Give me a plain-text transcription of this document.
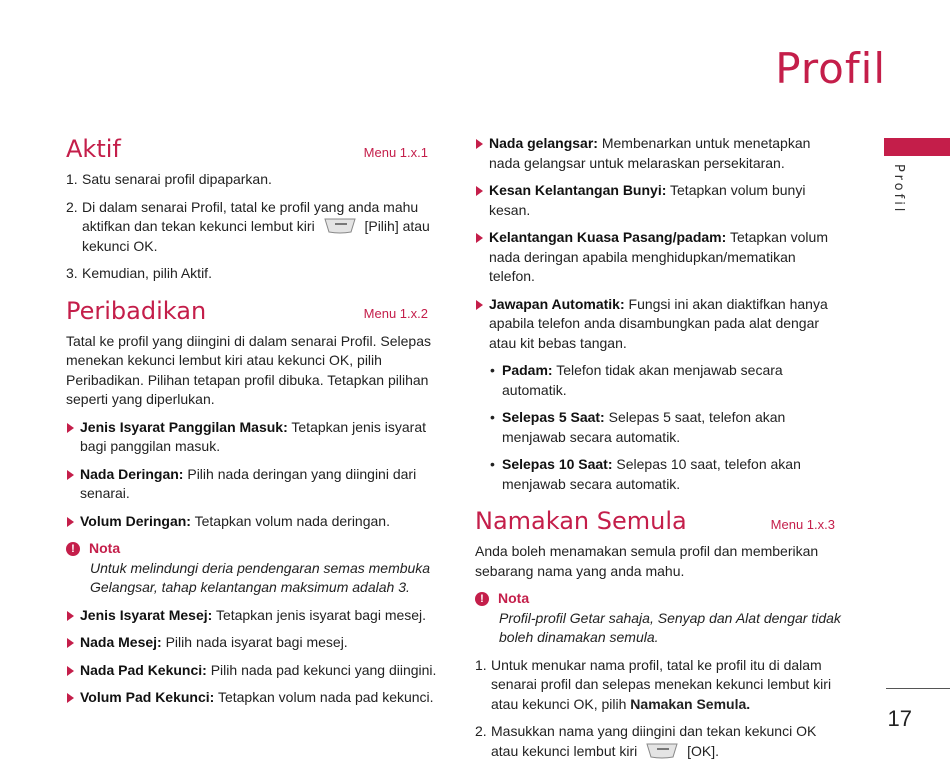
Profil
Profil
17
Aktif	Menu 1.x.1
1. Satu senarai profil dipaparkan.
2. Di dalam senarai Profil, tatal ke profil yang anda mahu aktifkan dan tekan kekunci lembut kiri	[Pilih] atau kekunci OK.
3. Kemudian, pilih Aktif.
Peribadikan	Menu 1.x.2
Tatal ke profil yang diingini di dalam senarai Profil. Selepas menekan kekunci lembut kiri atau kekunci OK, pilih Peribadikan. Pilihan tetapan profil dibuka. Tetapkan pilihan seperti yang diperlukan.
Jenis Isyarat Panggilan Masuk: Tetapkan jenis isyarat bagi panggilan masuk.
Nada Deringan: Pilih nada deringan yang diingini dari senarai.
Volum Deringan: Tetapkan volum nada deringan.
!	Nota
Untuk melindungi deria pendengaran semas membuka Gelangsar, tahap kelantangan maksimum adalah 3.
Jenis Isyarat Mesej: Tetapkan jenis isyarat bagi mesej.
Nada Mesej: Pilih nada isyarat bagi mesej.
Nada Pad Kekunci: Pilih nada pad kekunci yang diingini.
Volum Pad Kekunci: Tetapkan volum nada pad kekunci.
Nada gelangsar: Membenarkan untuk menetapkan nada gelangsar untuk melaraskan persekitaran.
Kesan Kelantangan Bunyi: Tetapkan volum bunyi kesan.
Kelantangan Kuasa Pasang/padam: Tetapkan volum nada deringan apabila menghidupkan/mematikan telefon.
Jawapan Automatik: Fungsi ini akan diaktifkan hanya apabila telefon anda disambungkan pada alat dengar atau kit bebas tangan.
• Padam: Telefon tidak akan menjawab secara automatik.
• Selepas 5 Saat: Selepas 5 saat, telefon akan menjawab secara automatik.
• Selepas 10 Saat: Selepas 10 saat, telefon akan menjawab secara automatik.
Namakan Semula	Menu 1.x.3
Anda boleh menamakan semula profil dan memberikan sebarang nama yang anda mahu.
!	Nota
Profil-profil Getar sahaja, Senyap dan Alat dengar tidak boleh dinamakan semula.
1. Untuk menukar nama profil, tatal ke profil itu di dalam senarai profil dan selepas menekan kekunci lembut kiri atau kekunci OK, pilih Namakan Semula.
2. Masukkan nama yang diingini dan tekan kekunci OK atau kekunci lembut kiri	[OK].
